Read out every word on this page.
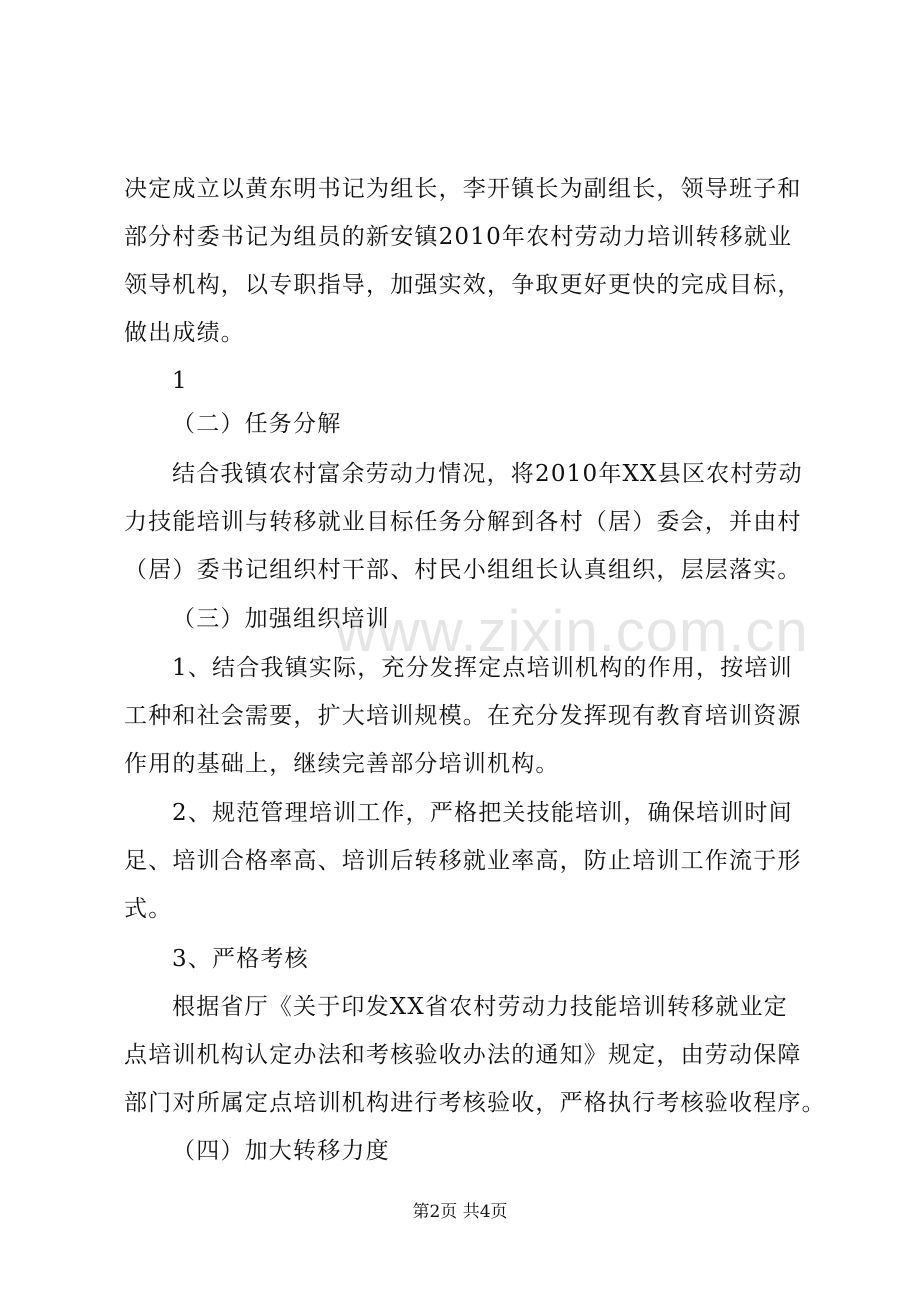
www.zixin.com.cn
决定成立以黄东明书记为组长，李开镇长为副组长，领导班子和
部分村委书记为组员的新安镇2010年农村劳动力培训转移就业
领导机构，以专职指导，加强实效，争取更好更快的完成目标，
做出成绩。
1
（二）任务分解
结合我镇农村富余劳动力情况，将2010年XX县区农村劳动
力技能培训与转移就业目标任务分解到各村（居）委会，并由村
（居）委书记组织村干部、村民小组组长认真组织，层层落实。
（三）加强组织培训
1、结合我镇实际，充分发挥定点培训机构的作用，按培训
工种和社会需要，扩大培训规模。在充分发挥现有教育培训资源
作用的基础上，继续完善部分培训机构。
2、规范管理培训工作，严格把关技能培训，确保培训时间
足、培训合格率高、培训后转移就业率高，防止培训工作流于形
式。
3、严格考核
根据省厅《关于印发XX省农村劳动力技能培训转移就业定
点培训机构认定办法和考核验收办法的通知》规定，由劳动保障
部门对所属定点培训机构进行考核验收，严格执行考核验收程序。
（四）加大转移力度
第2页 共4页
